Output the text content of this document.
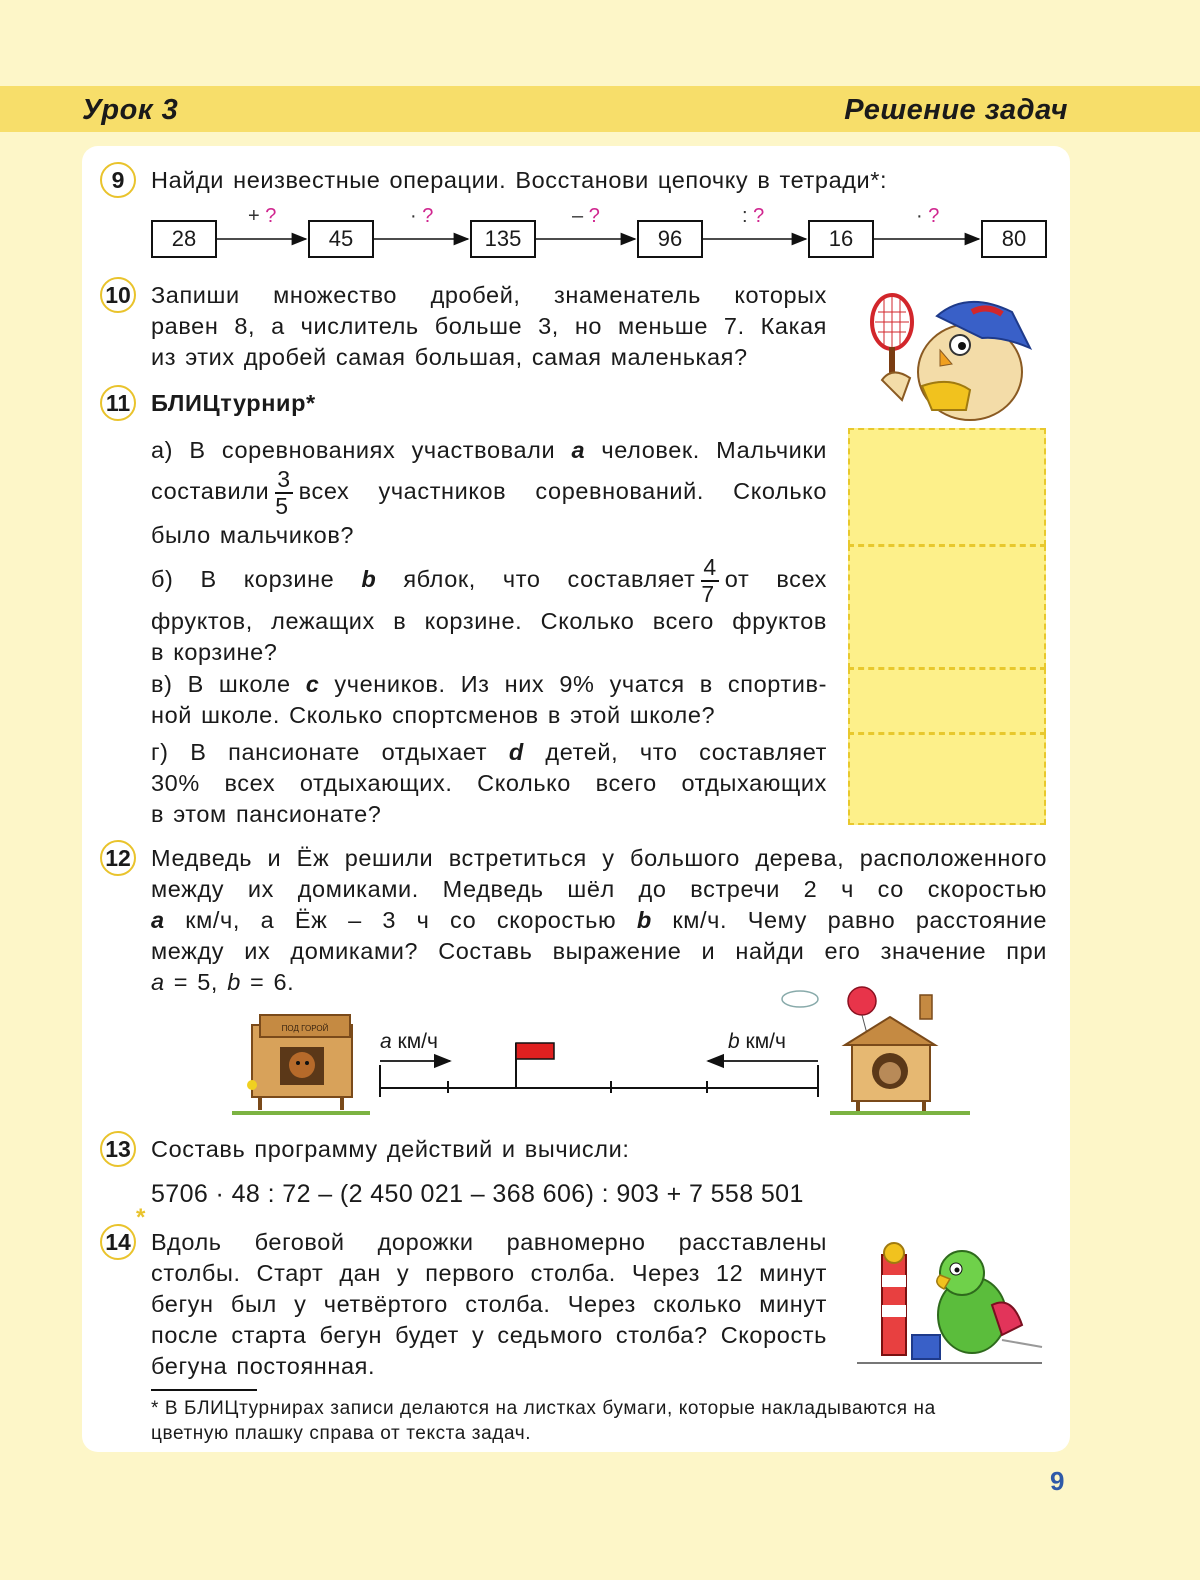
Урок 3	Решение задач
9	Найди неизвестные операции. Восстанови цепочку в тетради*:
28	45	135	96	16	80
+ ?	· ?	– ?	: ?	· ?
10 Запиши множество дробей, знаменатель которых
равен 8, а числитель больше 3, но меньше 7. Какая
из этих дробей самая большая, самая маленькая?
11 БЛИЦтурнир*
а) В соревнованиях участвовали a человек. Мальчики
составили $\frac{3}{5}$ всех участников соревнований. Сколько
было мальчиков?
б) В корзине b яблок, что составляет $\frac{4}{7}$ от всех
фруктов, лежащих в корзине. Сколько всего фруктов
в корзине?
в) В школе c учеников. Из них 9% учатся в спортив-
ной школе. Сколько спортсменов в этой школе?
г) В пансионате отдыхает d детей, что составляет
30% всех отдыхающих. Сколько всего отдыхающих
в этом пансионате?
12 Медведь и Ёж решили встретиться у большого дерева, расположенного
между их домиками. Медведь шёл до встречи 2 ч со скоростью
a км/ч, а Ёж – 3 ч со скоростью b км/ч. Чему равно расстояние
между их домиками? Составь выражение и найди его значение при
a = 5, b = 6.
ПОД ГОРОЙ
a км/ч	b км/ч
13 Составь программу действий и вычисли:
5706 · 48 : 72 – (2 450 021 – 368 606) : 903 + 7 558 501
*
14 Вдоль беговой дорожки равномерно расставлены
столбы. Старт дан у первого столба. Через 12 минут
бегун был у четвёртого столба. Через сколько минут
после старта бегун будет у седьмого столба? Скорость
бегуна постоянная.
* В БЛИЦтурнирах записи делаются на листках бумаги, которые накладываются на цветную плашку справа от текста задач.
9
